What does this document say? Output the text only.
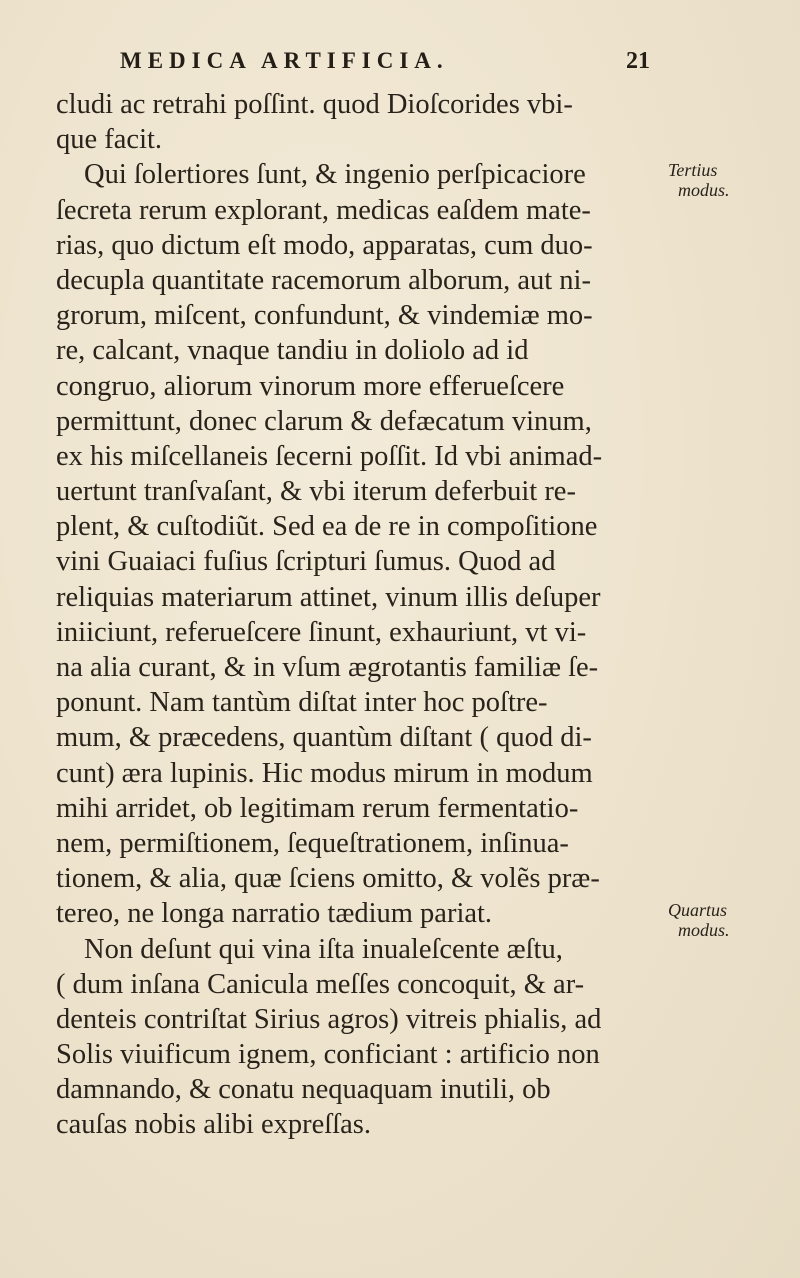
MEDICA ARTIFICIA.	21
cludi ac retrahi poſſint. quod Dioſcorides vbi-
que facit.
Qui ſolertiores ſunt, & ingenio perſpicaciore
ſecreta rerum explorant, medicas eaſdem mate-
rias, quo dictum eſt modo, apparatas, cum duo-
decupla quantitate racemorum alborum, aut ni-
grorum, miſcent, confundunt, & vindemiæ mo-
re, calcant, vnaque tandiu in doliolo ad id
congruo, aliorum vinorum more efferueſcere
permittunt, donec clarum & defæcatum vinum,
ex his miſcellaneis ſecerni poſſit. Id vbi animad-
uertunt tranſvaſant, & vbi iterum deferbuit re-
plent, & cuſtodiũt. Sed ea de re in compoſitione
vini Guaiaci fuſius ſcripturi ſumus. Quod ad
reliquias materiarum attinet, vinum illis deſuper
iniiciunt, referueſcere ſinunt, exhauriunt, vt vi-
na alia curant, & in vſum ægrotantis familiæ ſe-
ponunt. Nam tantùm diſtat inter hoc poſtre-
mum, & præcedens, quantùm diſtant ( quod di-
cunt) æra lupinis. Hic modus mirum in modum
mihi arridet, ob legitimam rerum fermentatio-
nem, permiſtionem, ſequeſtrationem, inſinua-
tionem, & alia, quæ ſciens omitto, & volẽs præ-
tereo, ne longa narratio tædium pariat.
Non deſunt qui vina iſta inualeſcente æſtu,
( dum inſana Canicula meſſes concoquit, & ar-
denteis contriſtat Sirius agros) vitreis phialis, ad
Solis viuificum ignem, conficiant : artificio non
damnando, & conatu nequaquam inutili, ob
cauſas nobis alibi expreſſas.
Tertius
modus.
Quartus
modus.
